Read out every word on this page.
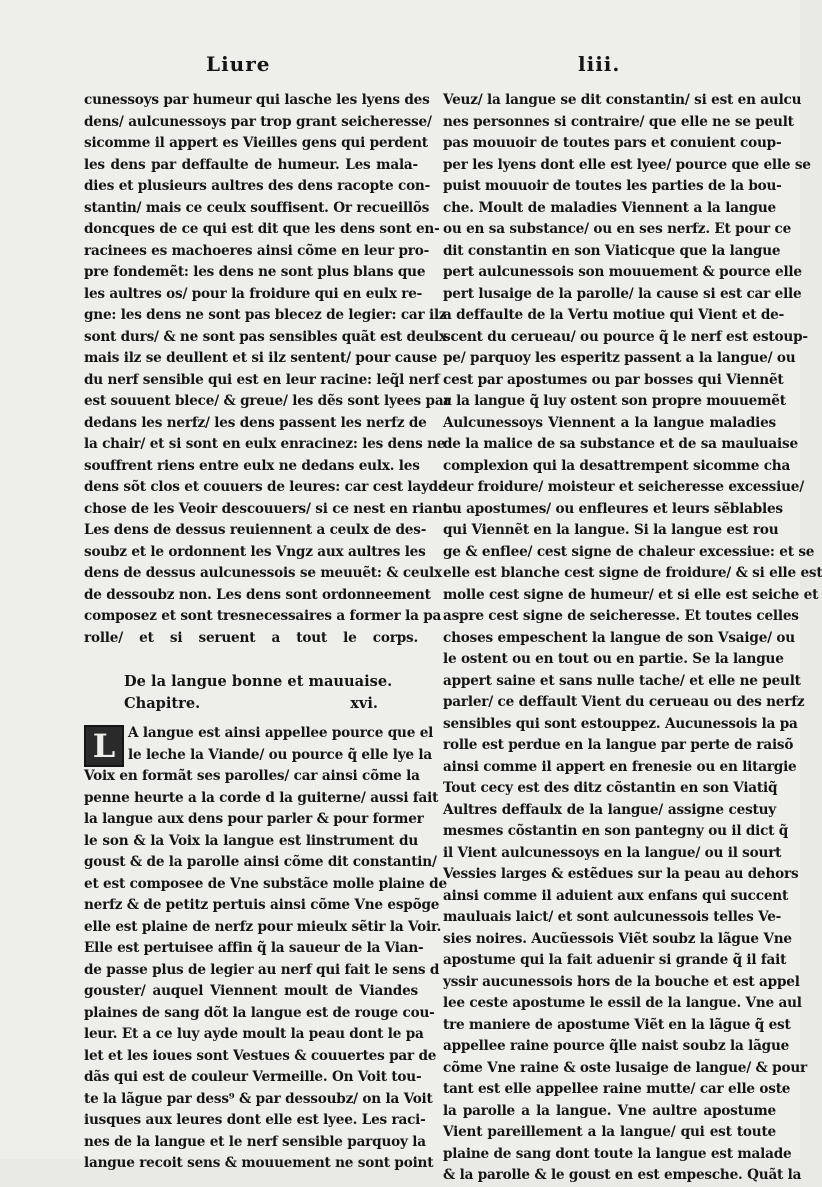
Liure	liii.
cunessoys par humeur qui lasche les lyens des
dens/ aulcunessoys par trop grant seicheresse/
sicomme il appert es Vieilles gens qui perdent
les dens par deffaulte de humeur. Les mala-
dies et plusieurs aultres des dens racopte con-
stantin/ mais ce ceulx souffisent. Or recueillõs
doncques de ce qui est dit que les dens sont en-
racinees es machoeres ainsi cõme en leur pro-
pre fondemẽt: les dens ne sont plus blans que
les aultres os/ pour la froidure qui en eulx re-
gne: les dens ne sont pas blecez de legier: car ilz
sont durs/ & ne sont pas sensibles quãt est deulx
mais ilz se deullent et si ilz sentent/ pour cause
du nerf sensible qui est en leur racine: leq̃l nerf
est souuent blece/ & greue/ les dẽs sont lyees par
dedans les nerfz/ les dens passent les nerfz de
la chair/ et si sont en eulx enracinez: les dens ne
souffrent riens entre eulx ne dedans eulx. les
dens sõt clos et couuers de leures: car cest layde
chose de les Veoir descouuers/ si ce nest en riant.
Les dens de dessus reuiennent a ceulx de des-
soubz et le ordonnent les Vngz aux aultres les
dens de dessus aulcunessois se meuuẽt: & ceulx
de dessoubz non. Les dens sont ordonneement
composez et sont tresnecessaires a former la pa
rolle/ et si seruent a tout le corps.
De la langue bonne et mauuaise.
Chapitre.	xvi.
L A langue est ainsi appellee pource que el
le leche la Viande/ ou pource q̃ elle lye la
Voix en formãt ses parolles/ car ainsi cõme la
penne heurte a la corde d la guiterne/ aussi fait
la langue aux dens pour parler & pour former
le son & la Voix la langue est linstrument du
goust & de la parolle ainsi cõme dit constantin/
et est composee de Vne substãce molle plaine de
nerfz & de petitz pertuis ainsi cõme Vne espõge
elle est plaine de nerfz pour mieulx sẽtir la Voir.
Elle est pertuisee affin q̃ la saueur de la Vian-
de passe plus de legier au nerf qui fait le sens d
gouster/ auquel Viennent moult de Viandes
plaines de sang dõt la langue est de rouge cou-
leur. Et a ce luy ayde moult la peau dont le pa
let et les ioues sont Vestues & couuertes par de
dãs qui est de couleur Vermeille. On Voit tou-
te la lãgue par dess⁹ & par dessoubz/ on la Voit
iusques aux leures dont elle est lyee. Les raci-
nes de la langue et le nerf sensible parquoy la
langue recoit sens & mouuement ne sont point
Veuz/ la langue se dit constantin/ si est en aulcu
nes personnes si contraire/ que elle ne se peult
pas mouuoir de toutes pars et conuient coup-
per les lyens dont elle est lyee/ pource que elle se
puist mouuoir de toutes les parties de la bou-
che. Moult de maladies Viennent a la langue
ou en sa substance/ ou en ses nerfz. Et pour ce
dit constantin en son Viaticque que la langue
pert aulcunessois son mouuement & pource elle
pert lusaige de la parolle/ la cause si est car elle
a deffaulte de la Vertu motiue qui Vient et de-
scent du cerueau/ ou pource q̃ le nerf est estoup-
pe/ parquoy les esperitz passent a la langue/ ou
cest par apostumes ou par bosses qui Viennẽt
a la langue q̃ luy ostent son propre mouuemẽt
Aulcunessoys Viennent a la langue maladies
de la malice de sa substance et de sa mauluaise
complexion qui la desattrempent sicomme cha
leur froidure/ moisteur et seicheresse excessiue/
ou apostumes/ ou enfleures et leurs sẽblables
qui Viennẽt en la langue. Si la langue est rou
ge & enflee/ cest signe de chaleur excessiue: et se
elle est blanche cest signe de froidure/ & si elle est
molle cest signe de humeur/ et si elle est seiche et
aspre cest signe de seicheresse. Et toutes celles
choses empeschent la langue de son Vsaige/ ou
le ostent ou en tout ou en partie. Se la langue
appert saine et sans nulle tache/ et elle ne peult
parler/ ce deffault Vient du cerueau ou des nerfz
sensibles qui sont estouppez. Aucunessois la pa
rolle est perdue en la langue par perte de raisõ
ainsi comme il appert en frenesie ou en litargie
Tout cecy est des ditz cõstantin en son Viatiq̃
Aultres deffaulx de la langue/ assigne cestuy
mesmes cõstantin en son pantegny ou il dict q̃
il Vient aulcunessoys en la langue/ ou il sourt
Vessies larges & estẽdues sur la peau au dehors
ainsi comme il aduient aux enfans qui succent
mauluais laict/ et sont aulcunessois telles Ve-
sies noires. Aucũessois Viẽt soubz la lãgue Vne
apostume qui la fait aduenir si grande q̃ il fait
yssir aucunessois hors de la bouche et est appel
lee ceste apostume le essil de la langue. Vne aul
tre maniere de apostume Viẽt en la lãgue q̃ est
appellee raine pource q̃lle naist soubz la lãgue
cõme Vne raine & oste lusaige de langue/ & pour
tant est elle appellee raine mutte/ car elle oste
la parolle a la langue. Vne aultre apostume
Vient pareillement a la langue/ qui est toute
plaine de sang dont toute la langue est malade
& la parolle & le goust en est empesche. Quãt la
